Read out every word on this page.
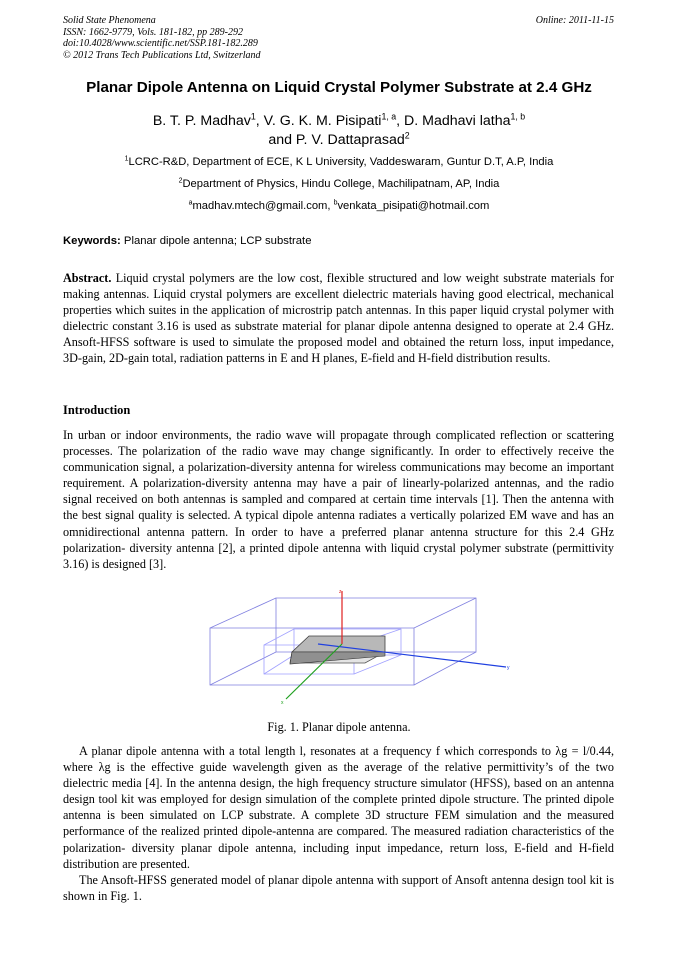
Solid State Phenomena
ISSN: 1662-9779, Vols. 181-182, pp 289-292
doi:10.4028/www.scientific.net/SSP.181-182.289
© 2012 Trans Tech Publications Ltd, Switzerland
Online: 2011-11-15
Planar Dipole Antenna on Liquid Crystal Polymer Substrate at 2.4 GHz
B. T. P. Madhav$^1$, V. G. K. M. Pisipati$^{1, a}$, D. Madhavi latha$^{1, b}$
and P. V. Dattaprasad$^2$
$^1$LCRC-R&D, Department of ECE, K L University, Vaddeswaram, Guntur D.T, A.P, India
$^2$Department of Physics, Hindu College, Machilipatnam, AP, India
$^a$madhav.mtech@gmail.com, $^b$venkata_pisipati@hotmail.com
Keywords: Planar dipole antenna; LCP substrate
Abstract. Liquid crystal polymers are the low cost, flexible structured and low weight substrate materials for making antennas. Liquid crystal polymers are excellent dielectric materials having good electrical, mechanical properties which suites in the application of microstrip patch antennas. In this paper liquid crystal polymer with dielectric constant 3.16 is used as substrate material for planar dipole antenna designed to operate at 2.4 GHz. Ansoft-HFSS software is used to simulate the proposed model and obtained the return loss, input impedance, 3D-gain, 2D-gain total, radiation patterns in E and H planes, E-field and H-field distribution results.
Introduction
In urban or indoor environments, the radio wave will propagate through complicated reflection or scattering processes. The polarization of the radio wave may change significantly. In order to effectively receive the communication signal, a polarization-diversity antenna for wireless communications may become an important requirement. A polarization-diversity antenna may have a pair of linearly-polarized antennas, and the radio signal received on both antennas is sampled and compared at certain time intervals [1]. Then the antenna with the best signal quality is selected. A typical dipole antenna radiates a vertically polarized EM wave and has an omnidirectional antenna pattern. In order to have a preferred planar antenna structure for this 2.4 GHz polarization- diversity antenna [2], a printed dipole antenna with liquid crystal polymer substrate (permittivity 3.16) is designed [3].
z
y
x
Fig. 1. Planar dipole antenna.
A planar dipole antenna with a total length l, resonates at a frequency f which corresponds to λg = l/0.44, where λg is the effective guide wavelength given as the average of the relative permittivity’s of the two dielectric media [4]. In the antenna design, the high frequency structure simulator (HFSS), based on an antenna design tool kit was employed for design simulation of the complete printed dipole structure. The printed dipole antenna is been simulated on LCP substrate. A complete 3D structure FEM simulation and the measured performance of the realized printed dipole-antenna are compared. The measured radiation characteristics of the polarization- diversity planar dipole antenna, including input impedance, return loss, E-field and H-field distribution are presented.
The Ansoft-HFSS generated model of planar dipole antenna with support of Ansoft antenna design tool kit is shown in Fig. 1.
